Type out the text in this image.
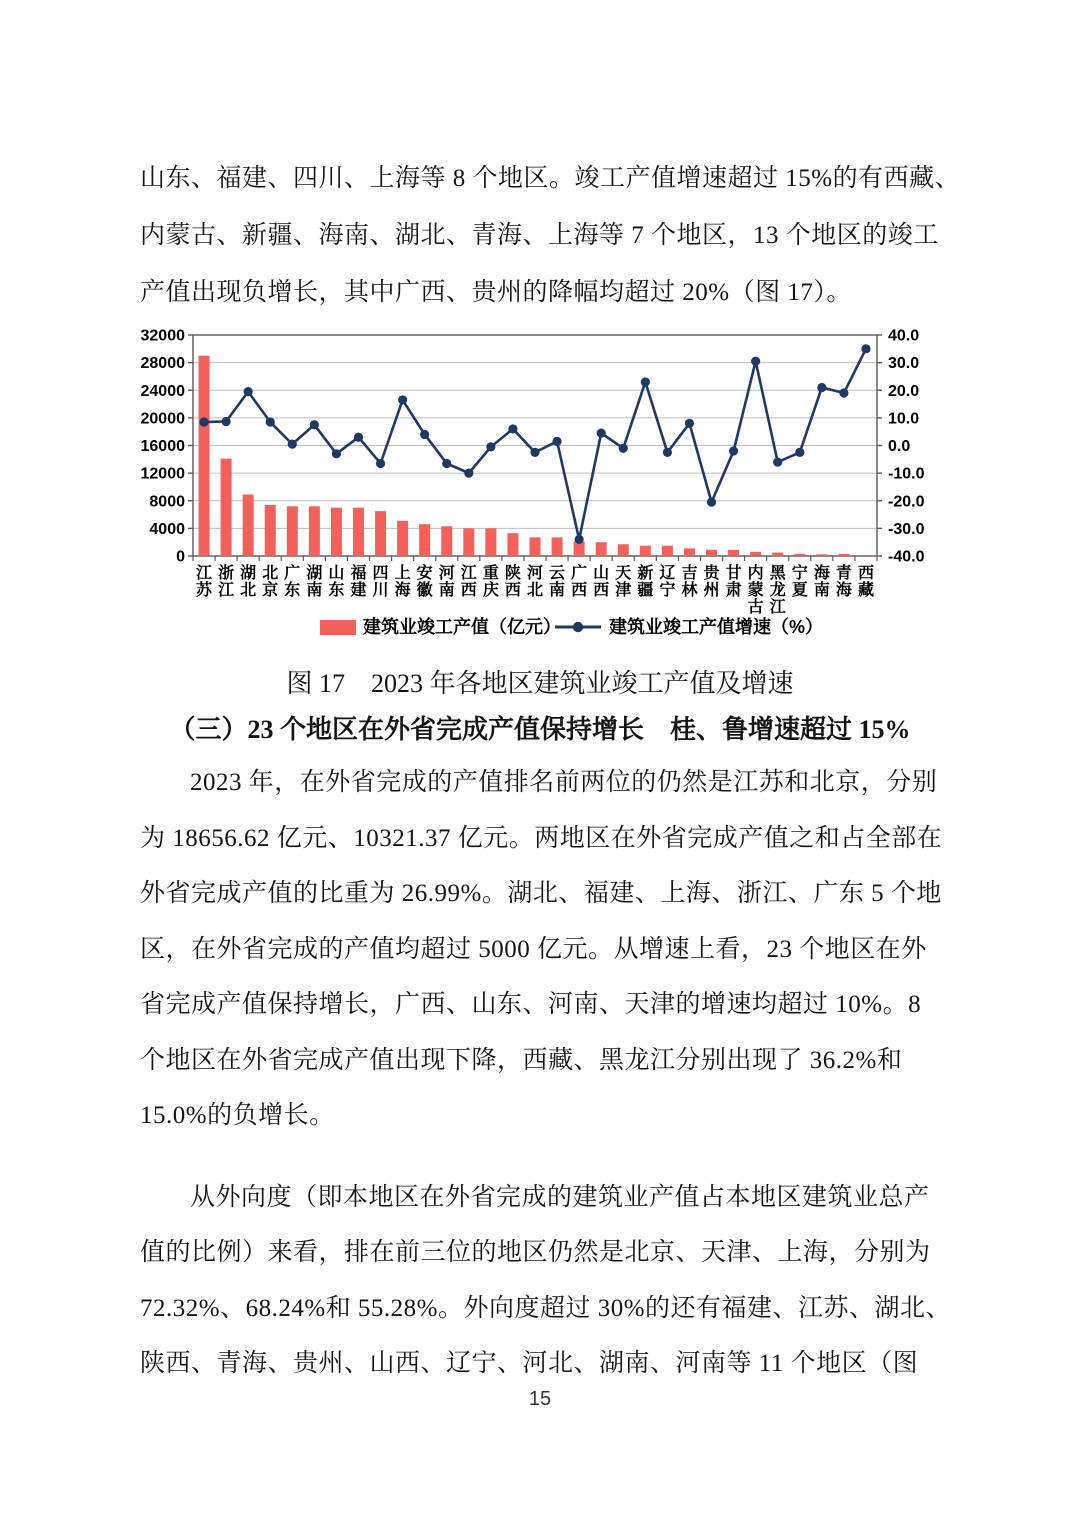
山东、福建、四川、上海等 8 个地区。竣工产值增速超过 15%的有西藏、
内蒙古、新疆、海南、湖北、青海、上海等 7 个地区，13 个地区的竣工
产值出现负增长，其中广西、贵州的降幅均超过 20%（图 17）。
0
4000
8000
12000
16000
20000
24000
28000
32000
-40.0
-30.0
-20.0
-10.0
0.0
10.0
20.0
30.0
40.0
江苏
浙江
湖北
北京
广东
湖南
山东
福建
四川
上海
安徽
河南
江西
重庆
陕西
河北
云南
广西
山西
天津
新疆
辽宁
吉林
贵州
甘肃
内蒙古
黑龙江
宁夏
海南
青海
西藏
建筑业竣工产值（亿元）	建筑业竣工产值增速（%）
图 17　2023 年各地区建筑业竣工产值及增速
（三）23 个地区在外省完成产值保持增长　桂、鲁增速超过 15%
2023 年，在外省完成的产值排名前两位的仍然是江苏和北京，分别
为 18656.62 亿元、10321.37 亿元。两地区在外省完成产值之和占全部在
外省完成产值的比重为 26.99%。湖北、福建、上海、浙江、广东 5 个地
区，在外省完成的产值均超过 5000 亿元。从增速上看，23 个地区在外
省完成产值保持增长，广西、山东、河南、天津的增速均超过 10%。8
个地区在外省完成产值出现下降，西藏、黑龙江分别出现了 36.2%和
15.0%的负增长。
从外向度（即本地区在外省完成的建筑业产值占本地区建筑业总产
值的比例）来看，排在前三位的地区仍然是北京、天津、上海，分别为
72.32%、68.24%和 55.28%。外向度超过 30%的还有福建、江苏、湖北、
陕西、青海、贵州、山西、辽宁、河北、湖南、河南等 11 个地区（图
15
